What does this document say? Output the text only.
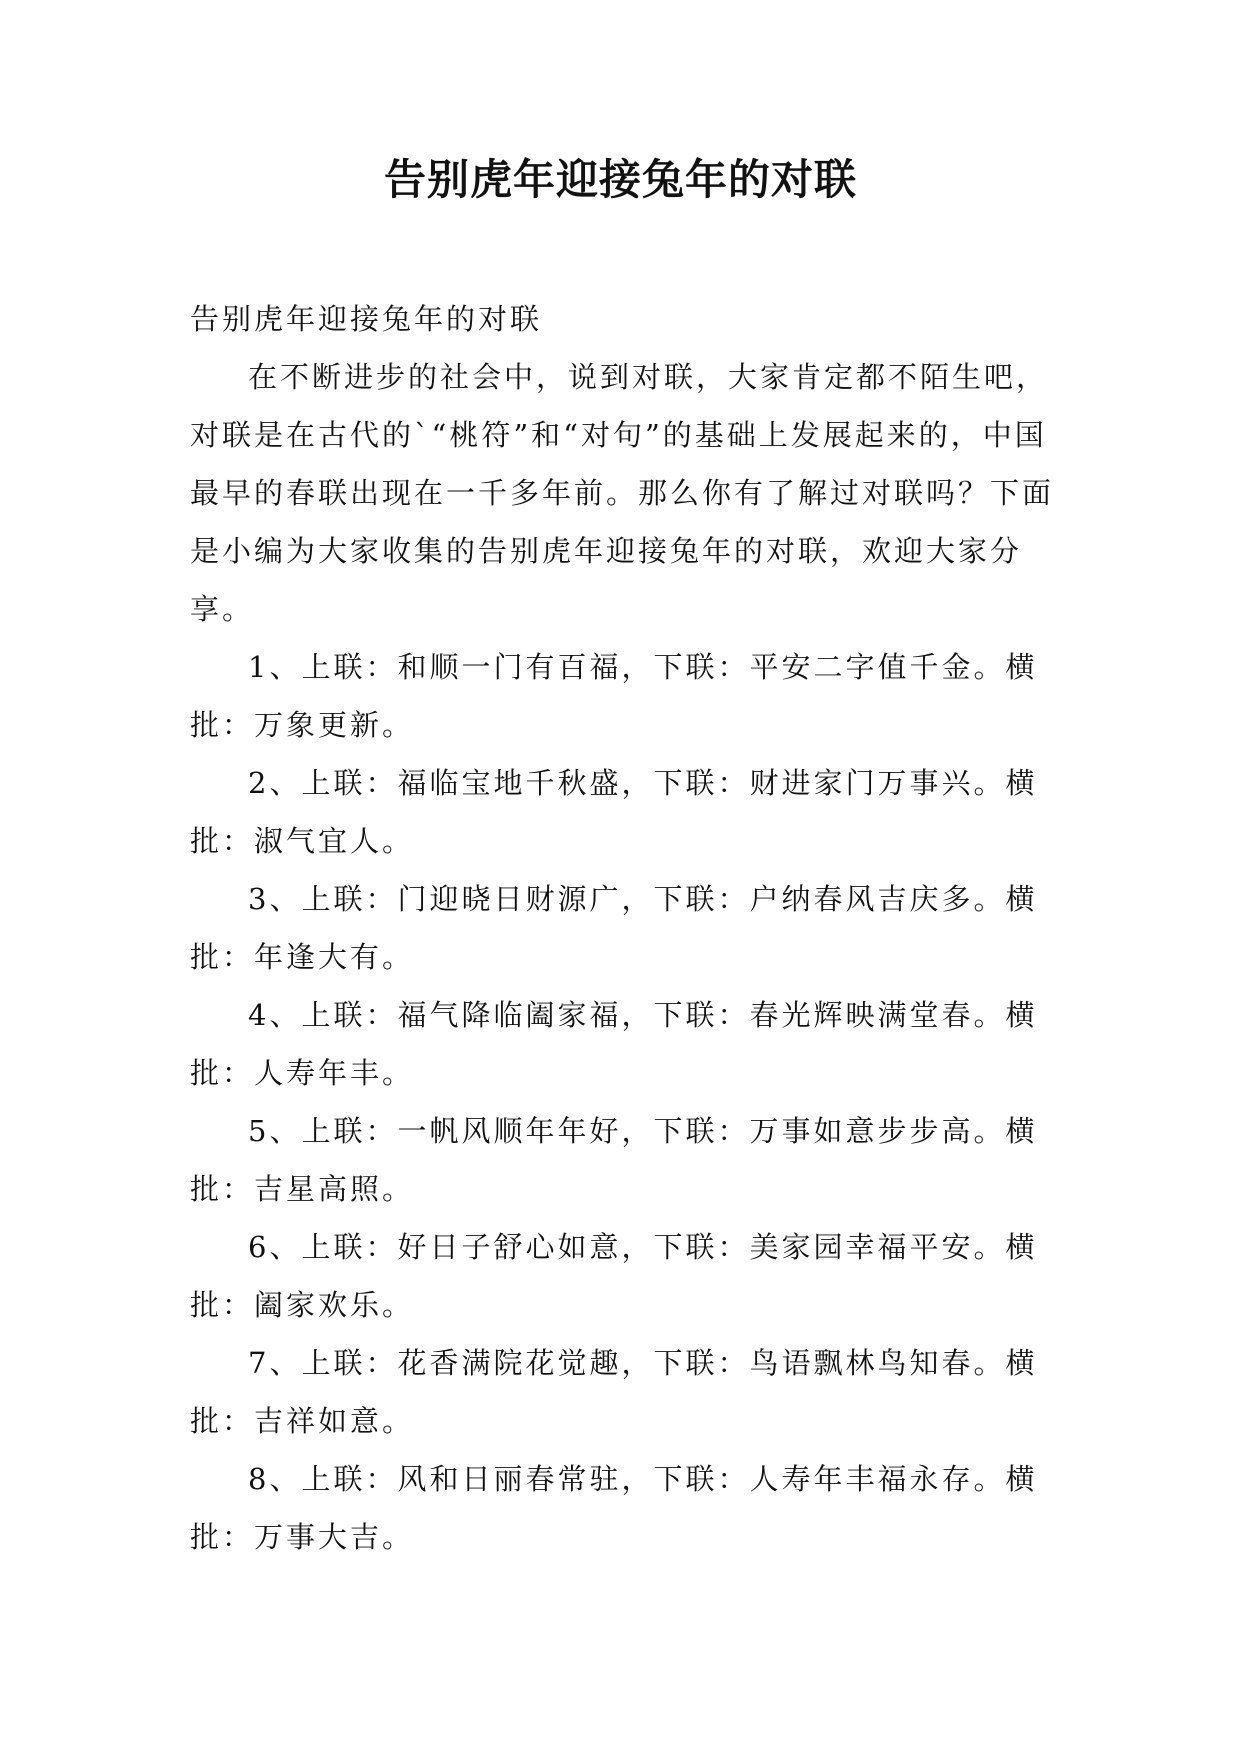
告别虎年迎接兔年的对联

告别虎年迎接兔年的对联

在不断进步的社会中，说到对联，大家肯定都不陌生吧，对联是在古代的`“桃符”和“对句”的基础上发展起来的，中国最早的春联出现在一千多年前。那么你有了解过对联吗？下面是小编为大家收集的告别虎年迎接兔年的对联，欢迎大家分享。

1、上联：和顺一门有百福，下联：平安二字值千金。横批：万象更新。

2、上联：福临宝地千秋盛，下联：财进家门万事兴。横批：淑气宜人。

3、上联：门迎晓日财源广，下联：户纳春风吉庆多。横批：年逢大有。

4、上联：福气降临阖家福，下联：春光辉映满堂春。横批：人寿年丰。

5、上联：一帆风顺年年好，下联：万事如意步步高。横批：吉星高照。

6、上联：好日子舒心如意，下联：美家园幸福平安。横批：阖家欢乐。

7、上联：花香满院花觉趣，下联：鸟语飘林鸟知春。横批：吉祥如意。

8、上联：风和日丽春常驻，下联：人寿年丰福永存。横批：万事大吉。
